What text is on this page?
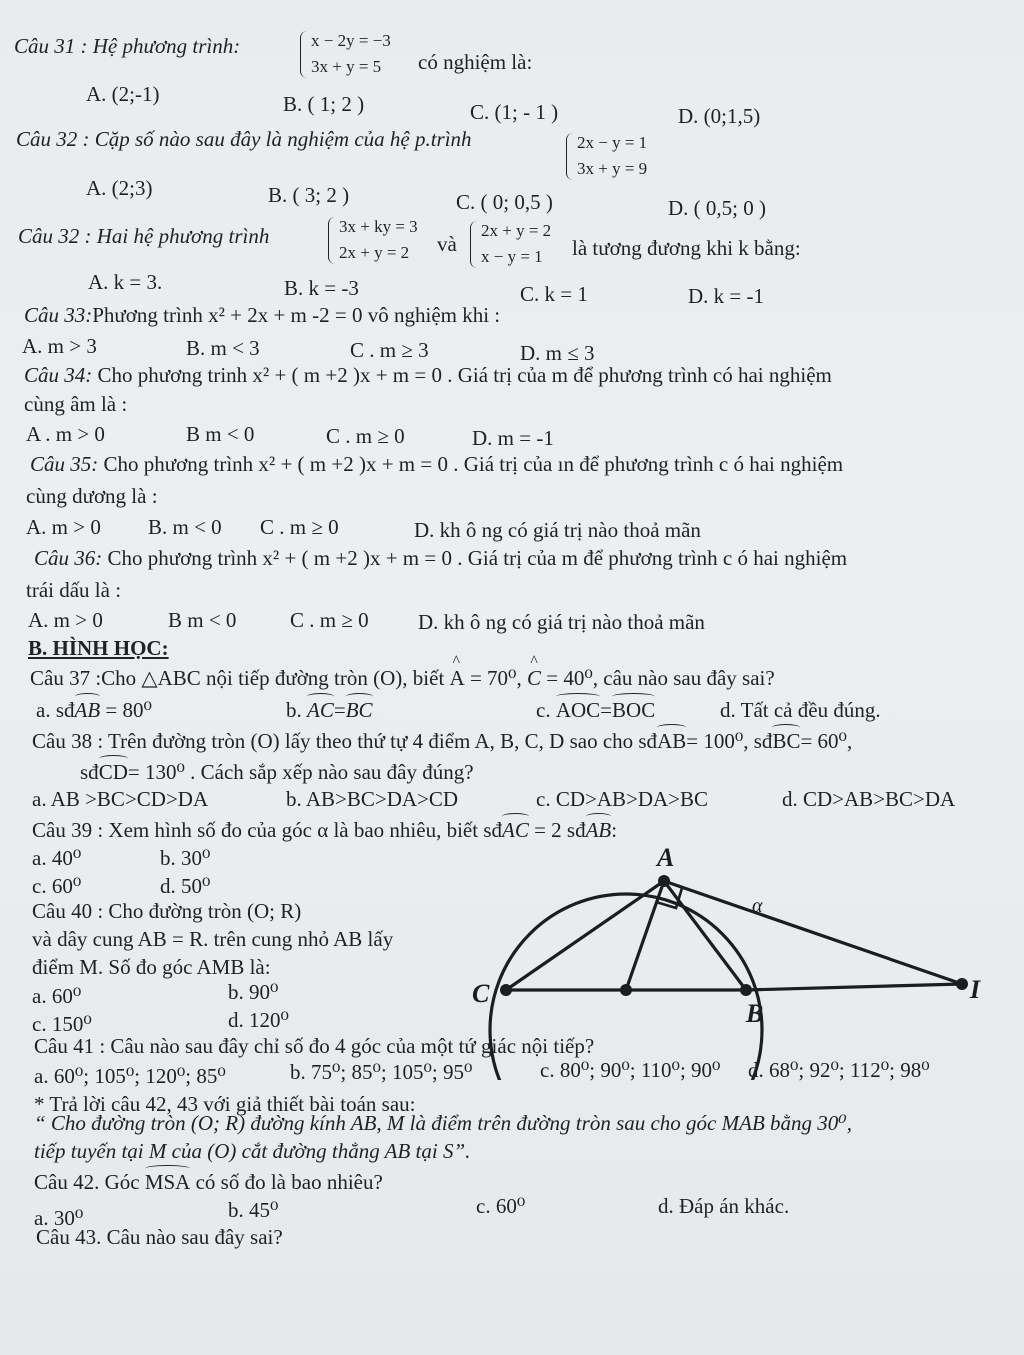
Câu 31 : Hệ phương trình:	x − 2y = −3
3x + y = 5	có nghiệm là:
A. (2;-1)	B. ( 1; 2 )	C. (1; - 1 )	D. (0;1,5)
Câu 32 : Cặp số nào sau đây là nghiệm của hệ p.trình	2x − y = 1
3x + y = 9
A. (2;3)	B. ( 3; 2 )	C. ( 0; 0,5 )	D. ( 0,5; 0 )
Câu 32 : Hai hệ phương trình	3x + ky = 3
2x + y = 2	và
2x + y = 2
x − y = 1	là tương đương khi k bằng:
A. k = 3.	B. k = -3	C. k = 1	D. k = -1
Câu 33:Phương trình x² + 2x + m -2 = 0 vô nghiệm khi :
A. m > 3	B. m < 3	C . m ≥ 3	D. m ≤ 3
Câu 34: Cho phương trinh x² + ( m +2 )x + m = 0 . Giá trị của m để phương trình có hai nghiệm
cùng âm là :
A . m > 0	B m < 0	C . m ≥ 0	D. m = -1
Câu 35: Cho phương trình x² + ( m +2 )x + m = 0 . Giá trị của ın để phương trình c ó hai nghiệm
cùng dương là :
A. m > 0 B. m < 0 C . m ≥ 0	D. kh ô ng có giá trị nào thoả mãn
Câu 36: Cho phương trình x² + ( m +2 )x + m = 0 . Giá trị của m để phương trình c ó hai nghiệm
trái dấu là :
A. m > 0	B m < 0	C . m ≥ 0 D. kh ô ng có giá trị nào thoả mãn
B. HÌNH HỌC:
Câu 37 :Cho △ABC nội tiếp đường tròn (O), biết ^ A = 70⁰, ^ C = 40⁰, câu nào sau đây sai?
a. sđAB = 80⁰	b. AC=BC	c. AOC=BOC	d. Tất cả đều đúng.
Câu 38 : Trên đường tròn (O) lấy theo thứ tự 4 điểm A, B, C, D sao cho sđAB= 100⁰, sđBC= 60⁰,
sđCD= 130⁰ . Cách sắp xếp nào sau đây đúng?
a. AB >BC>CD>DA	b. AB>BC>DA>CD	c. CD>AB>DA>BC	d. CD>AB>BC>DA
Câu 39 : Xem hình số đo của góc α là bao nhiêu, biết sđAC = 2 sđAB:
a. 40⁰	b. 30⁰
c. 60⁰	d. 50⁰
Câu 40 : Cho đường tròn (O; R)
và dây cung AB = R. trên cung nhỏ AB lấy
điểm M. Số đo góc AMB là:
a. 60⁰	b. 90⁰
c. 150⁰	d. 120⁰
A
C
B
I
α
Câu 41 : Câu nào sau đây chỉ số đo 4 góc của một tứ giác nội tiếp?
a. 60⁰; 105⁰; 120⁰; 85⁰	b. 75⁰; 85⁰; 105⁰; 95⁰	c. 80⁰; 90⁰; 110⁰; 90⁰ d. 68⁰; 92⁰; 112⁰; 98⁰
* Trả lời câu 42, 43 với giả thiết bài toán sau:
“ Cho đường tròn (O; R) đường kính AB, M là điểm trên đường tròn sau cho góc MAB bằng 30⁰,
tiếp tuyến tại M của (O) cắt đường thẳng AB tại S”.
Câu 42. Góc MSA có số đo là bao nhiêu?
a. 30⁰	b. 45⁰	c. 60⁰	d. Đáp án khác.
Câu 43. Câu nào sau đây sai?
